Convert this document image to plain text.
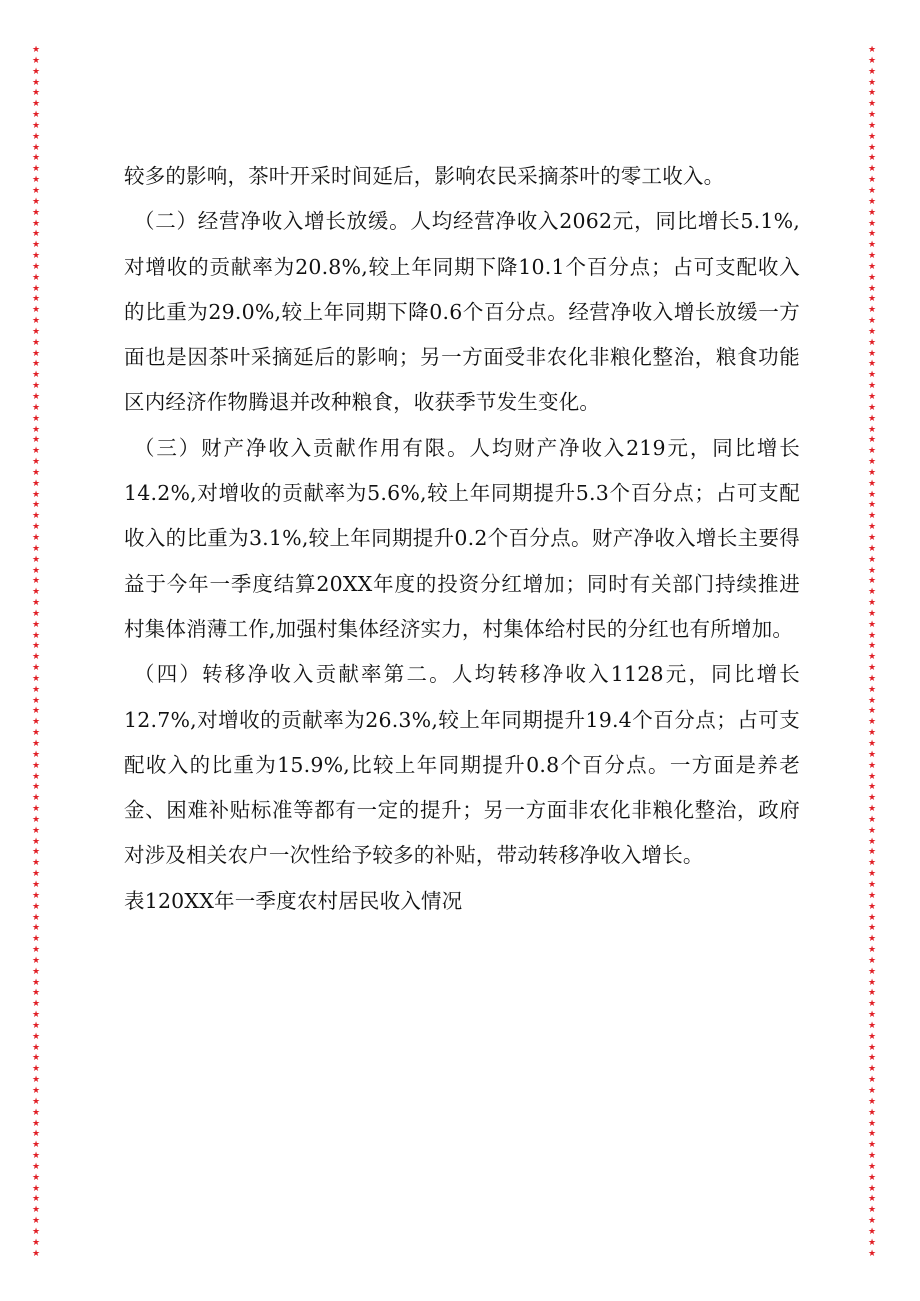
★
★
★
★
★
★
★
★
★
★
★
★
★
★
★
★
★
★
★
★
★
★
★
★
★
★
★
★
★
★
★
★
★
★
★
★
★
★
★
★
★
★
★
★
★
★
★
★
★
★
★
★
★
★
★
★
★
★
★
★
★
★
★
★
★
★
★
★
★
★
★
★
★
★
★
★
★
★
★
★
★
★
★
★
★
★
★
★
★
★
★
★
★
★
★
★
★
★
★
★
★
★
★
★
★
★
★
★
★
★
★
★
★
★
★
★
★
★
★
★
★
★
★
★
★
★
★
★
★
★
★
★
★
★
★
★
★
★
★
★
★
★
★
★
★
★
★
★
★
★
★
★
★
★
★
★
★
★
★
★
★
★
★
★
★
★
★
★
★
★
★
★
★
★
★
★
★
★
★
★
★
★
★
★
★
★
★
★
★
★
★
★
★
★
★
★
★
★
★
★
★
★
★
★
★
★
★
★
★
★
★
★
★
★
★
★
★
★
★
★
★
★
★
★

较多的影响，茶叶开采时间延后，影响农民采摘茶叶的零工收入。

（二）经营净收入增长放缓。人均经营净收入2062元，同比增长5.1%,对增收的贡献率为20.8%,较上年同期下降10.1个百分点；占可支配收入的比重为29.0%,较上年同期下降0.6个百分点。经营净收入增长放缓一方面也是因茶叶采摘延后的影响；另一方面受非农化非粮化整治，粮食功能区内经济作物腾退并改种粮食，收获季节发生变化。

（三）财产净收入贡献作用有限。人均财产净收入219元，同比增长14.2%,对增收的贡献率为5.6%,较上年同期提升5.3个百分点；占可支配收入的比重为3.1%,较上年同期提升0.2个百分点。财产净收入增长主要得益于今年一季度结算20XX年度的投资分红增加；同时有关部门持续推进村集体消薄工作,加强村集体经济实力，村集体给村民的分红也有所增加。

（四）转移净收入贡献率第二。人均转移净收入1128元，同比增长12.7%,对增收的贡献率为26.3%,较上年同期提升19.4个百分点；占可支配收入的比重为15.9%,比较上年同期提升0.8个百分点。一方面是养老金、困难补贴标准等都有一定的提升；另一方面非农化非粮化整治，政府对涉及相关农户一次性给予较多的补贴，带动转移净收入增长。

表120XX年一季度农村居民收入情况
